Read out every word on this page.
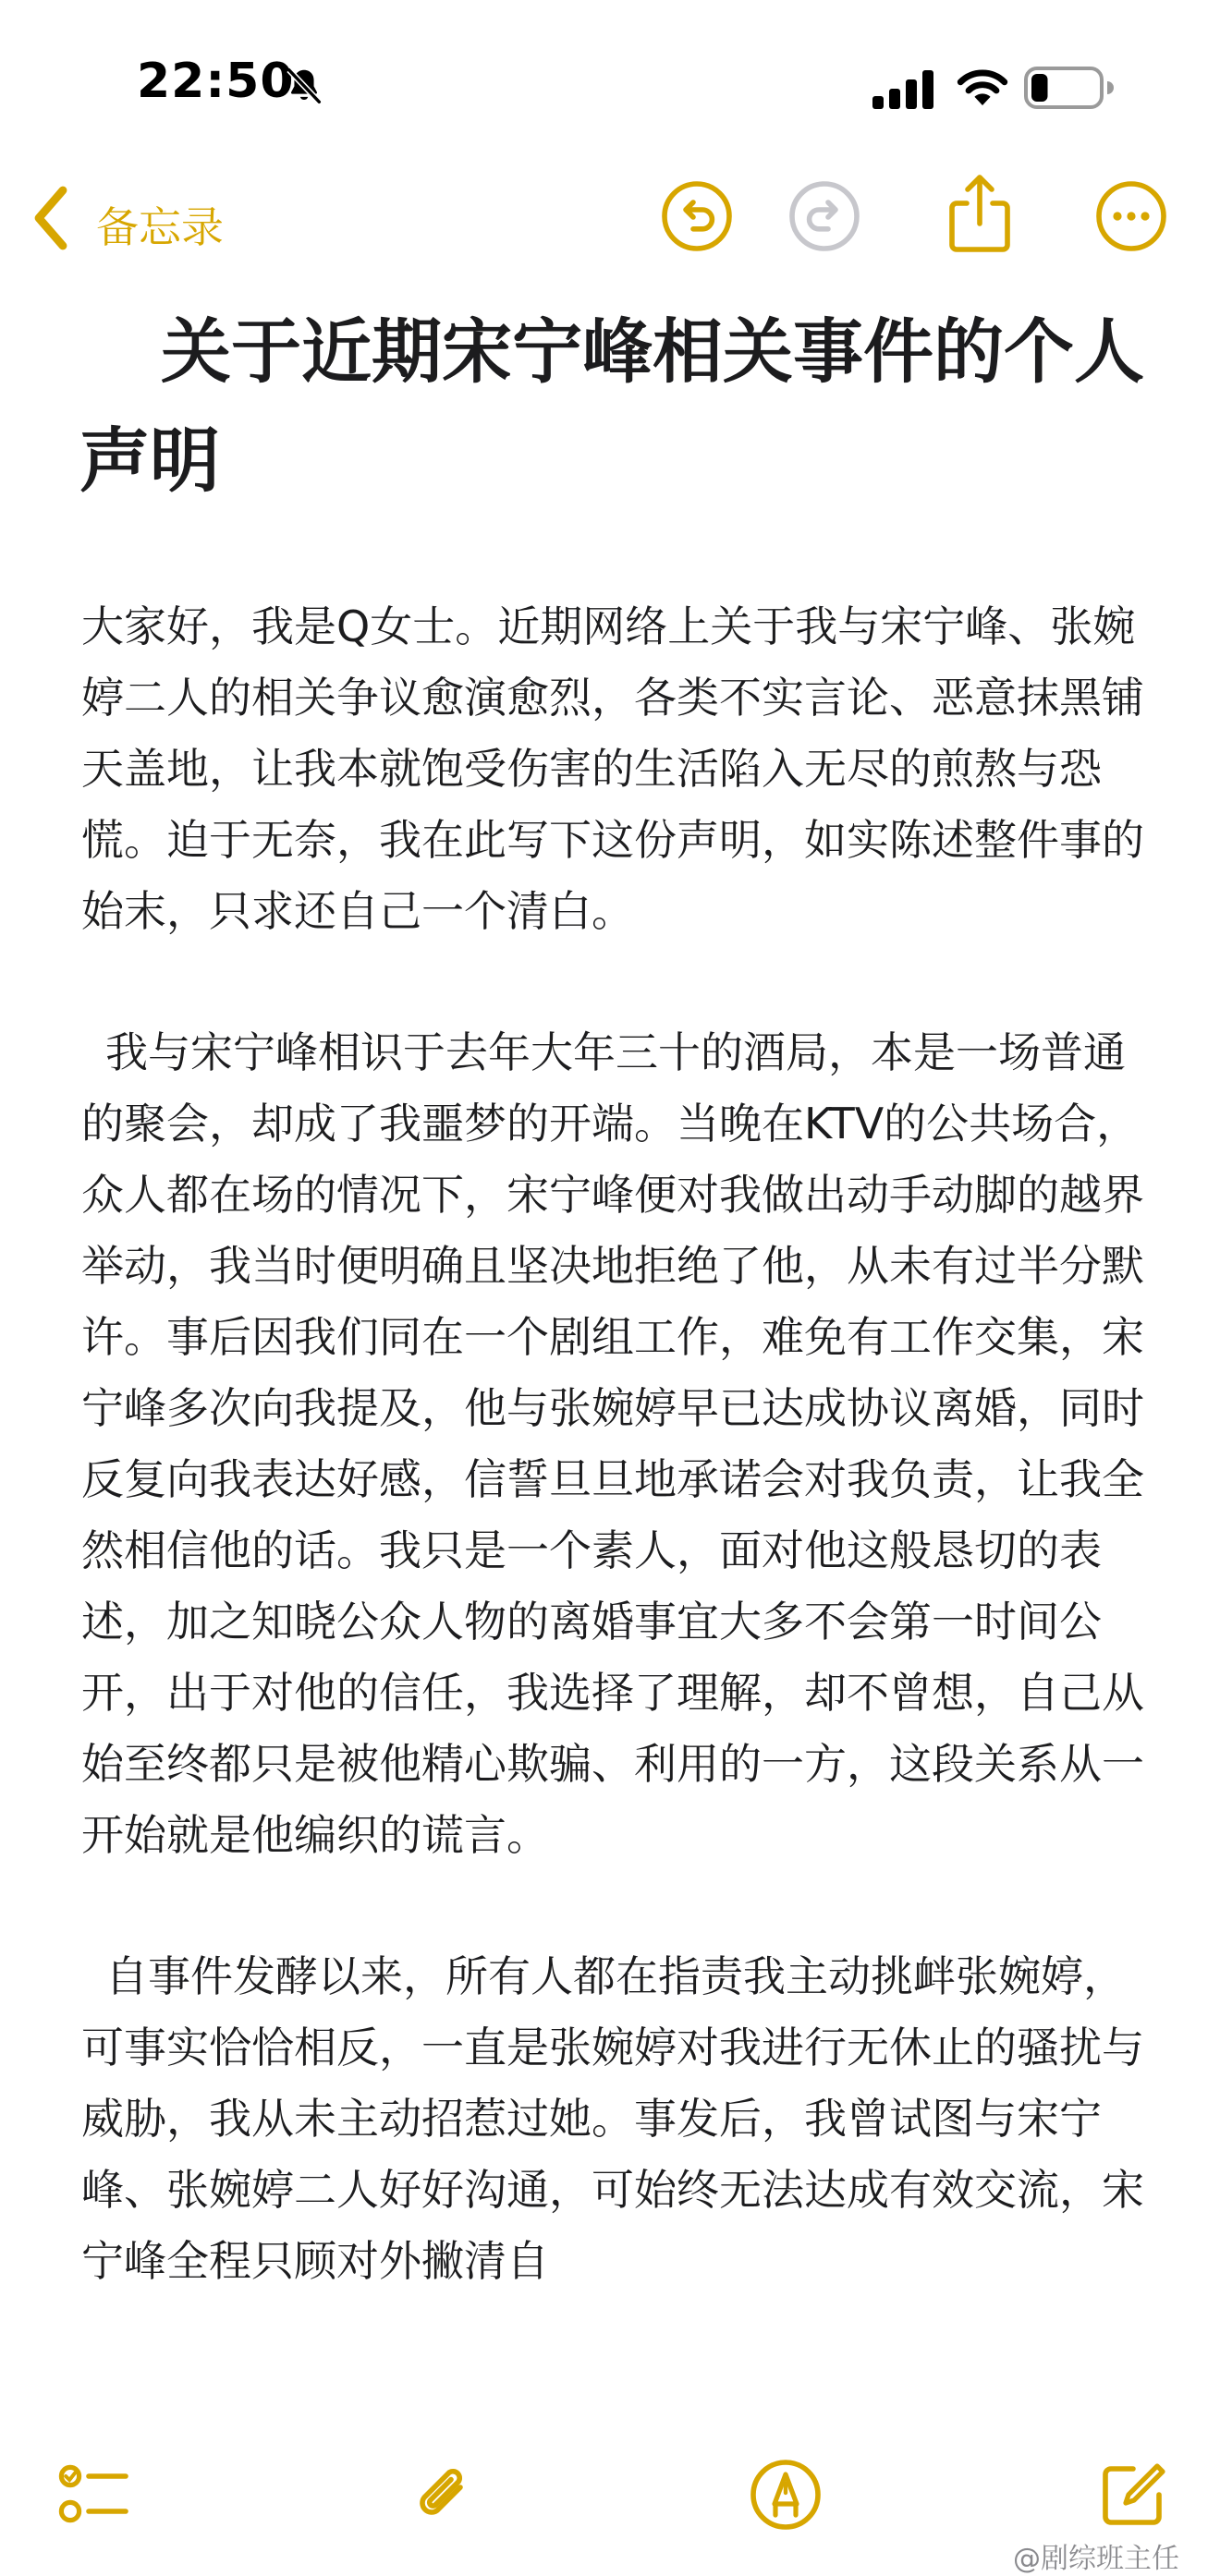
22:50
备忘录
关于近期宋宁峰相关事件的个人声明

大家好，我是Q女士。近期网络上关于我与宋宁峰、张婉婷二人的相关争议愈演愈烈，各类不实言论、恶意抹黑铺天盖地，让我本就饱受伤害的生活陷入无尽的煎熬与恐慌。迫于无奈，我在此写下这份声明，如实陈述整件事的始末，只求还自己一个清白。

我与宋宁峰相识于去年大年三十的酒局，本是一场普通的聚会，却成了我噩梦的开端。当晚在KTV的公共场合，众人都在场的情况下，宋宁峰便对我做出动手动脚的越界举动，我当时便明确且坚决地拒绝了他，从未有过半分默许。事后因我们同在一个剧组工作，难免有工作交集，宋宁峰多次向我提及，他与张婉婷早已达成协议离婚，同时反复向我表达好感，信誓旦旦地承诺会对我负责，让我全然相信他的话。我只是一个素人，面对他这般恳切的表述，加之知晓公众人物的离婚事宜大多不会第一时间公开，出于对他的信任，我选择了理解，却不曾想，自己从始至终都只是被他精心欺骗、利用的一方，这段关系从一开始就是他编织的谎言。

自事件发酵以来，所有人都在指责我主动挑衅张婉婷，可事实恰恰相反，一直是张婉婷对我进行无休止的骚扰与威胁，我从未主动招惹过她。事发后，我曾试图与宋宁峰、张婉婷二人好好沟通，可始终无法达成有效交流，宋宁峰全程只顾对外撇清自

@剧综班主任
